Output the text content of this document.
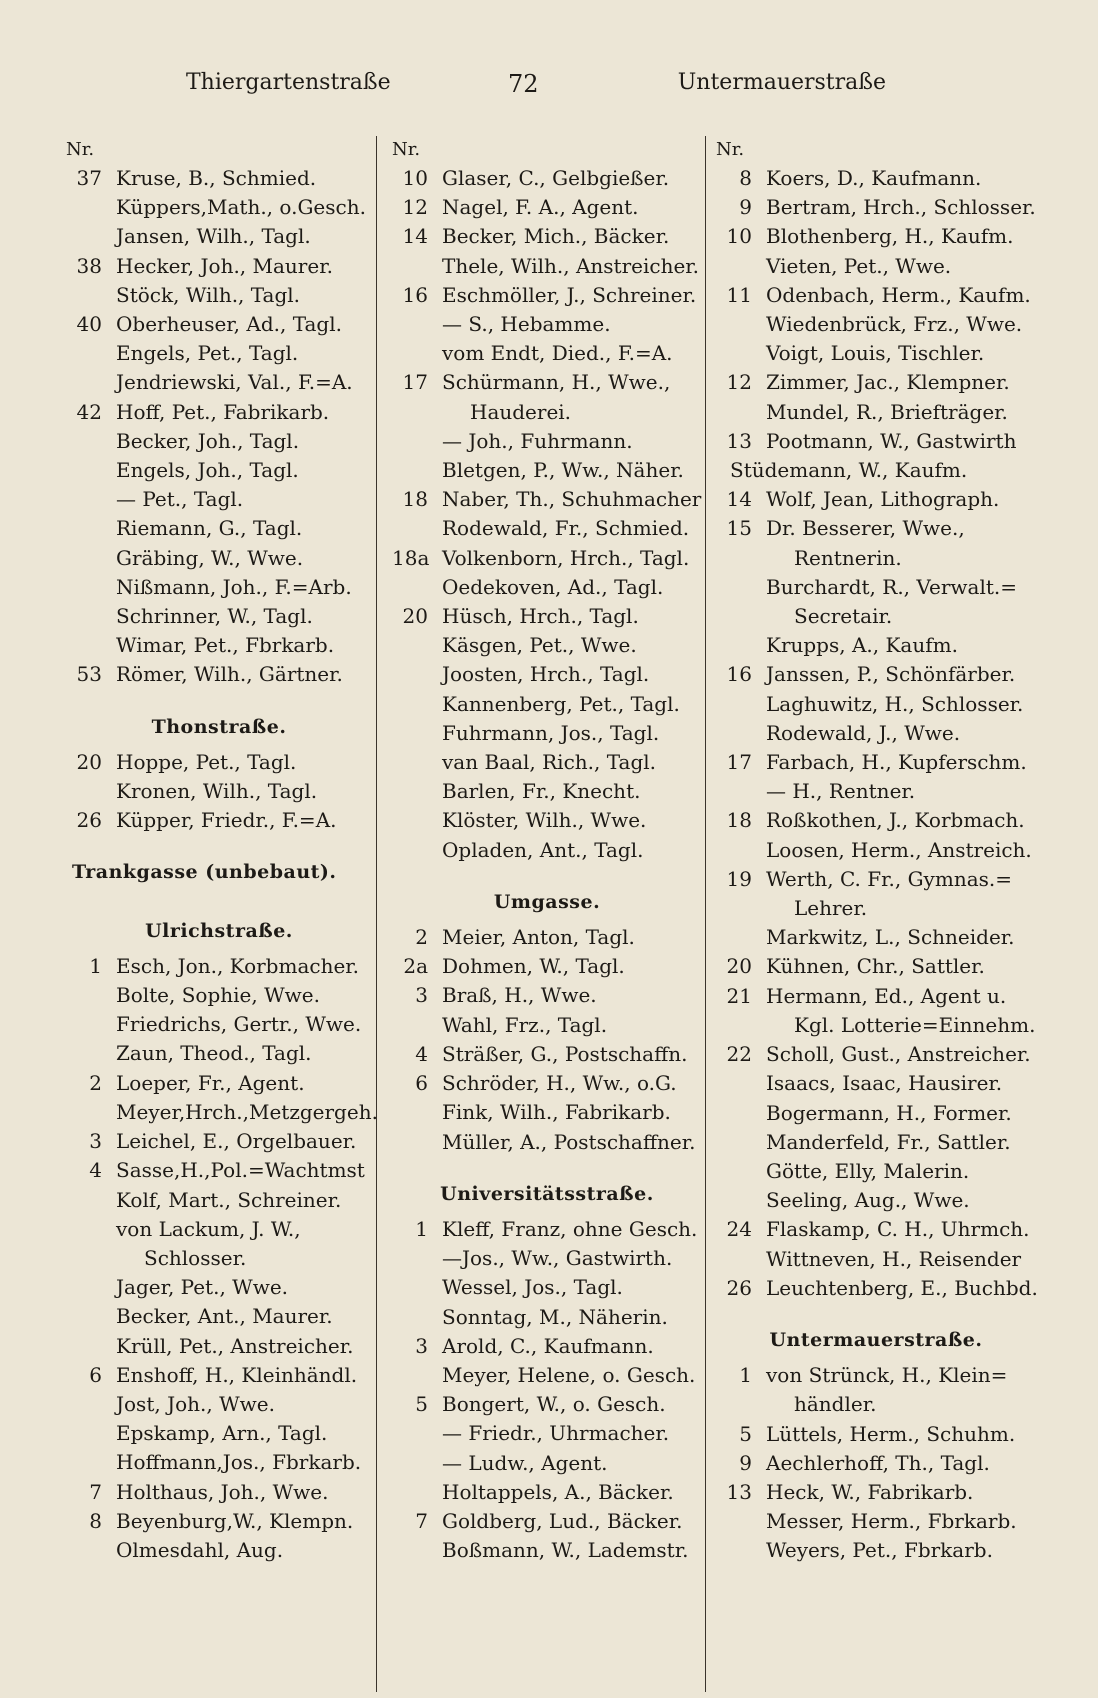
Thiergartenstraße	72	Untermauerstraße
Nr.
37 Kruse, B., Schmied.
Küppers,Math., o.Gesch.
Jansen, Wilh., Tagl.
38 Hecker, Joh., Maurer.
Stöck, Wilh., Tagl.
40 Oberheuser, Ad., Tagl.
Engels, Pet., Tagl.
Jendriewski, Val., F.=A.
42 Hoff, Pet., Fabrikarb.
Becker, Joh., Tagl.
Engels, Joh., Tagl.
— Pet., Tagl.
Riemann, G., Tagl.
Gräbing, W., Wwe.
Nißmann, Joh., F.=Arb.
Schrinner, W., Tagl.
Wimar, Pet., Fbrkarb.
53 Römer, Wilh., Gärtner.
Thonstraße.
20 Hoppe, Pet., Tagl.
Kronen, Wilh., Tagl.
26 Küpper, Friedr., F.=A.
Trankgasse (unbebaut).
Ulrichstraße.
1 Esch, Jon., Korbmacher.
Bolte, Sophie, Wwe.
Friedrichs, Gertr., Wwe.
Zaun, Theod., Tagl.
2 Loeper, Fr., Agent.
Meyer,Hrch.,Metzgergeh.
3 Leichel, E., Orgelbauer.
4 Sasse,H.,Pol.=Wachtmst
Kolf, Mart., Schreiner.
von Lackum, J. W.,
Schlosser.
Jager, Pet., Wwe.
Becker, Ant., Maurer.
Krüll, Pet., Anstreicher.
6 Enshoff, H., Kleinhändl.
Jost, Joh., Wwe.
Epskamp, Arn., Tagl.
Hoffmann,Jos., Fbrkarb.
7 Holthaus, Joh., Wwe.
8 Beyenburg,W., Klempn.
Olmesdahl, Aug.
Nr.
10 Glaser, C., Gelbgießer.
12 Nagel, F. A., Agent.
14 Becker, Mich., Bäcker.
Thele, Wilh., Anstreicher.
16 Eschmöller, J., Schreiner.
— S., Hebamme.
vom Endt, Died., F.=A.
17 Schürmann, H., Wwe.,
Hauderei.
— Joh., Fuhrmann.
Bletgen, P., Ww., Näher.
18 Naber, Th., Schuhmacher
Rodewald, Fr., Schmied.
18a Volkenborn, Hrch., Tagl.
Oedekoven, Ad., Tagl.
20 Hüsch, Hrch., Tagl.
Käsgen, Pet., Wwe.
Joosten, Hrch., Tagl.
Kannenberg, Pet., Tagl.
Fuhrmann, Jos., Tagl.
van Baal, Rich., Tagl.
Barlen, Fr., Knecht.
Klöster, Wilh., Wwe.
Opladen, Ant., Tagl.
Umgasse.
2 Meier, Anton, Tagl.
2a Dohmen, W., Tagl.
3 Braß, H., Wwe.
Wahl, Frz., Tagl.
4 Sträßer, G., Postschaffn.
6 Schröder, H., Ww., o.G.
Fink, Wilh., Fabrikarb.
Müller, A., Postschaffner.
Universitätsstraße.
1 Kleff, Franz, ohne Gesch.
—Jos., Ww., Gastwirth.
Wessel, Jos., Tagl.
Sonntag, M., Näherin.
3 Arold, C., Kaufmann.
Meyer, Helene, o. Gesch.
5 Bongert, W., o. Gesch.
— Friedr., Uhrmacher.
— Ludw., Agent.
Holtappels, A., Bäcker.
7 Goldberg, Lud., Bäcker.
Boßmann, W., Lademstr.
Nr.
8 Koers, D., Kaufmann.
9 Bertram, Hrch., Schlosser.
10 Blothenberg, H., Kaufm.
Vieten, Pet., Wwe.
11 Odenbach, Herm., Kaufm.
Wiedenbrück, Frz., Wwe.
Voigt, Louis, Tischler.
12 Zimmer, Jac., Klempner.
Mundel, R., Briefträger.
13 Pootmann, W., Gastwirth
Stüdemann, W., Kaufm.
14 Wolf, Jean, Lithograph.
15 Dr. Besserer, Wwe.,
Rentnerin.
Burchardt, R., Verwalt.=
Secretair.
Krupps, A., Kaufm.
16 Janssen, P., Schönfärber.
Laghuwitz, H., Schlosser.
Rodewald, J., Wwe.
17 Farbach, H., Kupferschm.
— H., Rentner.
18 Roßkothen, J., Korbmach.
Loosen, Herm., Anstreich.
19 Werth, C. Fr., Gymnas.=
Lehrer.
Markwitz, L., Schneider.
20 Kühnen, Chr., Sattler.
21 Hermann, Ed., Agent u.
Kgl. Lotterie=Einnehm.
22 Scholl, Gust., Anstreicher.
Isaacs, Isaac, Hausirer.
Bogermann, H., Former.
Manderfeld, Fr., Sattler.
Götte, Elly, Malerin.
Seeling, Aug., Wwe.
24 Flaskamp, C. H., Uhrmch.
Wittneven, H., Reisender
26 Leuchtenberg, E., Buchbd.
Untermauerstraße.
1 von Strünck, H., Klein=
händler.
5 Lüttels, Herm., Schuhm.
9 Aechlerhoff, Th., Tagl.
13 Heck, W., Fabrikarb.
Messer, Herm., Fbrkarb.
Weyers, Pet., Fbrkarb.
